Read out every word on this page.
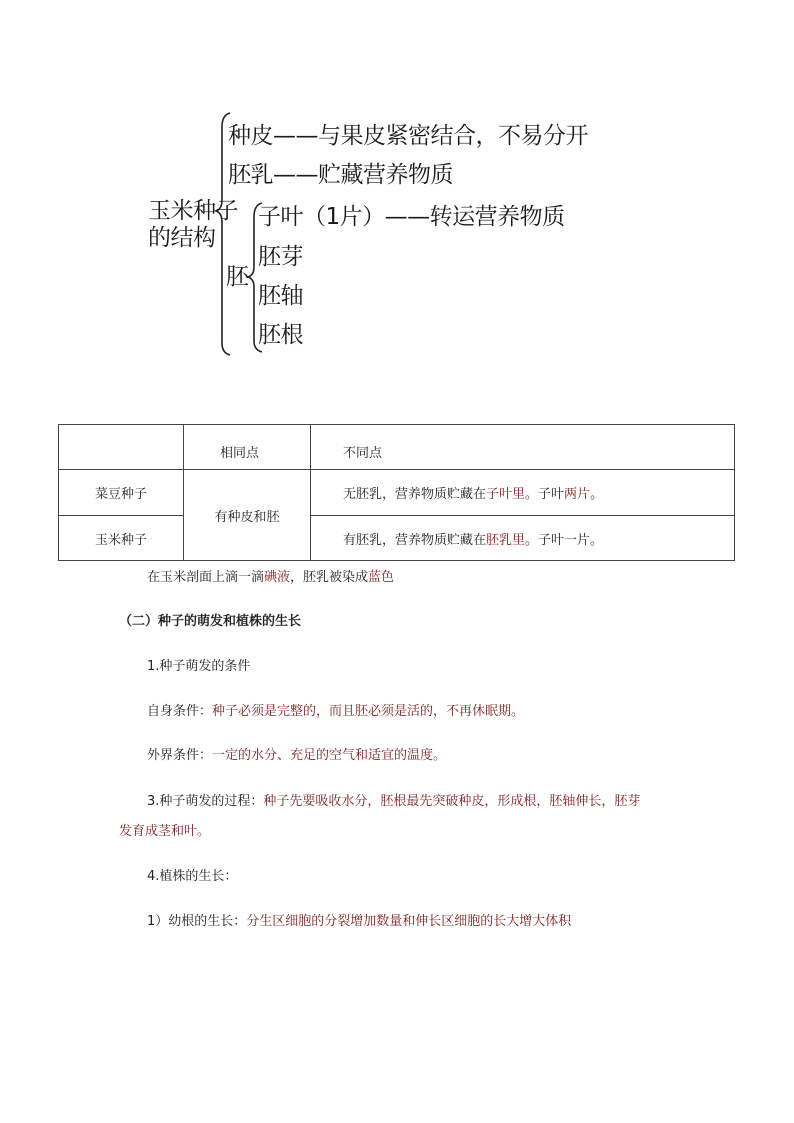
玉米种子
的结构
种皮——与果皮紧密结合，不易分开
胚乳——贮藏营养物质
胚
子叶（1片）——转运营养物质
胚芽
胚轴
胚根

	相同点	不同点

菜豆种子	有种皮和胚	无胚乳，营养物质贮藏在子叶里。子叶两片。
玉米种子		有胚乳，营养物质贮藏在胚乳里。子叶一片。
在玉米剖面上滴一滴碘液，胚乳被染成蓝色
（二）种子的萌发和植株的生长
1.种子萌发的条件
自身条件：种子必须是完整的，而且胚必须是活的，不再休眠期。
外界条件：一定的水分、充足的空气和适宜的温度。
3.种子萌发的过程：种子先要吸收水分，胚根最先突破种皮，形成根，胚轴伸长，胚芽
发育成茎和叶。
4.植株的生长：
1）幼根的生长：分生区细胞的分裂增加数量和伸长区细胞的长大增大体积
